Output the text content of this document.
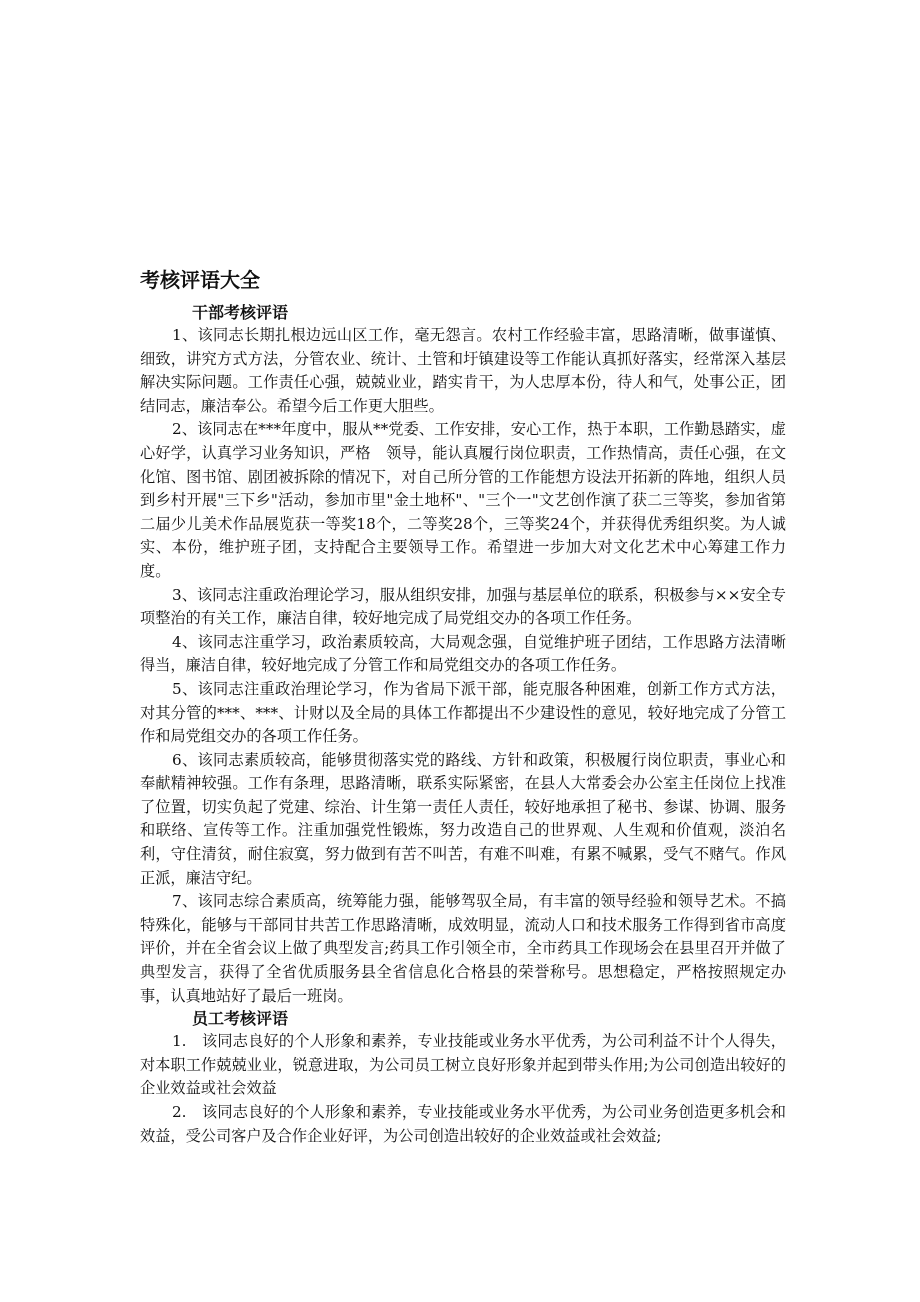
考核评语大全
干部考核评语

1、该同志长期扎根边远山区工作，毫无怨言。农村工作经验丰富，思路清晰，做事谨慎、细致，讲究方式方法，分管农业、统计、土管和圩镇建设等工作能认真抓好落实，经常深入基层解决实际问题。工作责任心强，兢兢业业，踏实肯干，为人忠厚本份，待人和气，处事公正，团结同志，廉洁奉公。希望今后工作更大胆些。

2、该同志在***年度中，服从**党委、工作安排，安心工作，热于本职，工作勤恳踏实，虚心好学，认真学习业务知识，严格　领导，能认真履行岗位职责，工作热情高，责任心强，在文化馆、图书馆、剧团被拆除的情况下，对自己所分管的工作能想方设法开拓新的阵地，组织人员到乡村开展"三下乡"活动，参加市里"金土地杯"、"三个一"文艺创作演了获二三等奖，参加省第二届少儿美术作品展览获一等奖18个，二等奖28个，三等奖24个，并获得优秀组织奖。为人诚实、本份，维护班子团，支持配合主要领导工作。希望进一步加大对文化艺术中心筹建工作力度。

3、该同志注重政治理论学习，服从组织安排，加强与基层单位的联系，积极参与××安全专项整治的有关工作，廉洁自律，较好地完成了局党组交办的各项工作任务。

4、该同志注重学习，政治素质较高，大局观念强，自觉维护班子团结，工作思路方法清晰得当，廉洁自律，较好地完成了分管工作和局党组交办的各项工作任务。

5、该同志注重政治理论学习，作为省局下派干部，能克服各种困难，创新工作方式方法，对其分管的***、***、计财以及全局的具体工作都提出不少建设性的意见，较好地完成了分管工作和局党组交办的各项工作任务。

6、该同志素质较高，能够贯彻落实党的路线、方针和政策，积极履行岗位职责，事业心和奉献精神较强。工作有条理，思路清晰，联系实际紧密，在县人大常委会办公室主任岗位上找准了位置，切实负起了党建、综治、计生第一责任人责任，较好地承担了秘书、参谋、协调、服务和联络、宣传等工作。注重加强党性锻炼，努力改造自己的世界观、人生观和价值观，淡泊名利，守住清贫，耐住寂寞，努力做到有苦不叫苦，有难不叫难，有累不喊累，受气不赌气。作风正派，廉洁守纪。

7、该同志综合素质高，统筹能力强，能够驾驭全局，有丰富的领导经验和领导艺术。不搞特殊化，能够与干部同甘共苦工作思路清晰，成效明显，流动人口和技术服务工作得到省市高度评价，并在全省会议上做了典型发言;药具工作引领全市，全市药具工作现场会在县里召开并做了典型发言，获得了全省优质服务县全省信息化合格县的荣誉称号。思想稳定，严格按照规定办事，认真地站好了最后一班岗。

员工考核评语

1.　该同志良好的个人形象和素养，专业技能或业务水平优秀，为公司利益不计个人得失，对本职工作兢兢业业，锐意进取，为公司员工树立良好形象并起到带头作用;为公司创造出较好的企业效益或社会效益

2.　该同志良好的个人形象和素养，专业技能或业务水平优秀，为公司业务创造更多机会和效益，受公司客户及合作企业好评，为公司创造出较好的企业效益或社会效益;
